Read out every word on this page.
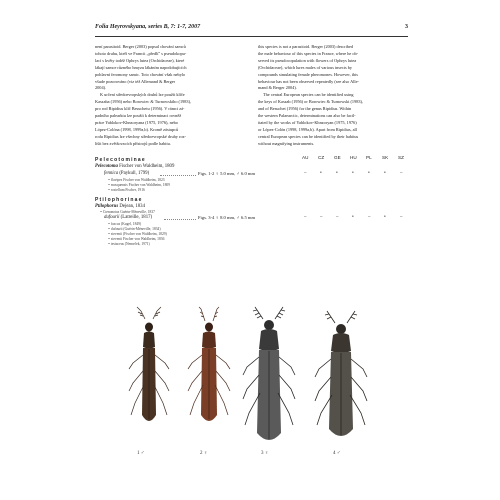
Folia Heyrovskyana, series B, 7: 1-7, 2007	3

není parasitoid. Berger (2003) popsal chování samců

tohoto druhu, kteří ve Francii „předlí" s pseudokopu-

lací s květy todéž Ophrys lutea (Orchidaceae), které

lákají samce různého hmyzu lákáním napodobujících

pohlavní feromony samic. Toto chování však nebylo

všude pozorováno (viz též Allemand & Berger

2004).

K určení středoevropských druhů lze použít klíče

Kaszaba (1956) nebo Borowiec & Turnowskiho (1983),

pro rod Ripidius klíč Besuchetu (1956). V rámci zá-

padního palearktu lze použít k determinaci rovněž

práce Yablokov-Khnzoryana (1975, 1976), nebo

López-Colóna (1998, 1999a,b). Kromě zástupců

rodu Ripidius lze všechny středoevropské druhy roz-

lišit bez zvětšovacích přístrojů podle habitu.

this species is not a parasitoid. Berger (2003) described

the male behaviour of this species in France, where he ob-

served its pseudocopulation with flowers of Ophrys lutea

(Orchidaceae), which lures males of various insects by

compounds simulating female pheromones. However, this

behaviour has not been observed repeatedly (see also Alle-

mand & Berger 2004).

The central European species can be identified using

the keys of Kaszab (1956) or Borowiec & Turnowski (1983),

and of Besuchet (1956) for the genus Ripidius. Within

the western Palaearctic, determinations can also be facil-

itated by the works of Yablokov-Khnzoryan (1975, 1976)

or López-Colón (1998, 1999a,b). Apart from Ripidius, all

central European species can be identified by their habitus

without magnifying instruments.

AU CZ GE HU PL SK SZ
Pelecotominae
Pelecotoma Fischer von Waldheim, 1809
fennica (Paykull, 1799)	Figs. 1-2 ♀ 5.0 mm, ♂ 6.0 mm
= flavipes Fischer von Waldheim, 1823
= mosquensis Fischer von Waldheim, 1809
= rostellum Fischer, 1916
–	•	•	•	•	•	–
Ptilophorinae
Ptilophorus Dejean, 1834
= Ctenonotus Guérin-Méneville, 1837
dufourii (Latreille, 1817)	Figs. 3-4 ♀ 8.0 mm, ♂ 6.5 mm
= fuscus (Kugel, 1849)
= dufourii (Guérin-Méneville, 1834)
= stevenii (Fischer von Waldheim, 1829)
= stevenii Fischer von Waldheim, 1836
= testaceus (Nemeček, 1971)
–	–	–	•	–	•	–
1 ♂	2 ♀	3 ♀	4 ♂
